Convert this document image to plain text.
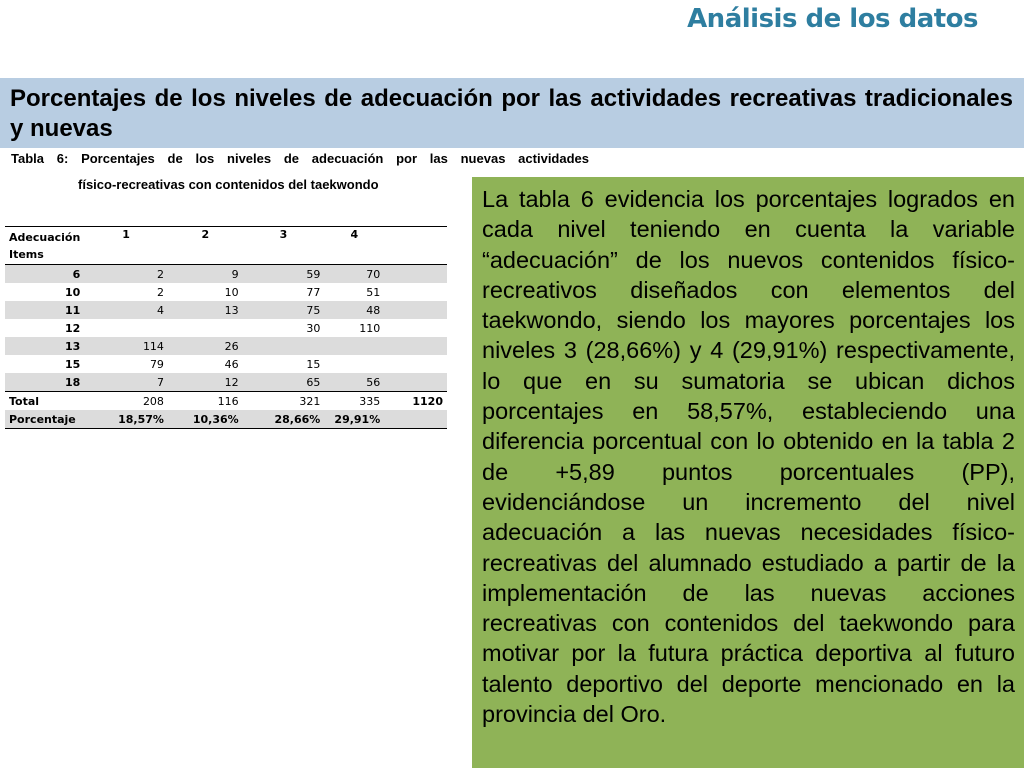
Análisis de los datos
Porcentajes de los niveles de adecuación por las actividades recreativas tradicionales y nuevas
Tabla 6: Porcentajes de los niveles de adecuación por las nuevas actividades
físico-recreativas con contenidos del taekwondo
Adecuación
Items	1	2	3	4	
6	2	9	59	70	
10	2	10	77	51	
11	4	13	75	48	
12			30	110	
13	114	26			
15	79	46	15		
18	7	12	65	56	
Total	208	116	321	335	1120
Porcentaje	18,57%	10,36%	28,66%	29,91%	

La tabla 6 evidencia los porcentajes logrados en cada nivel teniendo en cuenta la variable “adecuación” de los nuevos contenidos físico-recreativos diseñados con elementos del taekwondo, siendo los mayores porcentajes los niveles 3 (28,66%) y 4 (29,91%) respectivamente, lo que en su sumatoria se ubican dichos porcentajes en 58,57%, estableciendo una diferencia porcentual con lo obtenido en la tabla 2 de +5,89 puntos porcentuales (PP), evidenciándose un incremento del nivel adecuación a las nuevas necesidades físico-recreativas del alumnado estudiado a partir de la implementación de las nuevas acciones recreativas con contenidos del taekwondo para motivar por la futura práctica deportiva al futuro talento deportivo del deporte mencionado en la provincia del Oro.
